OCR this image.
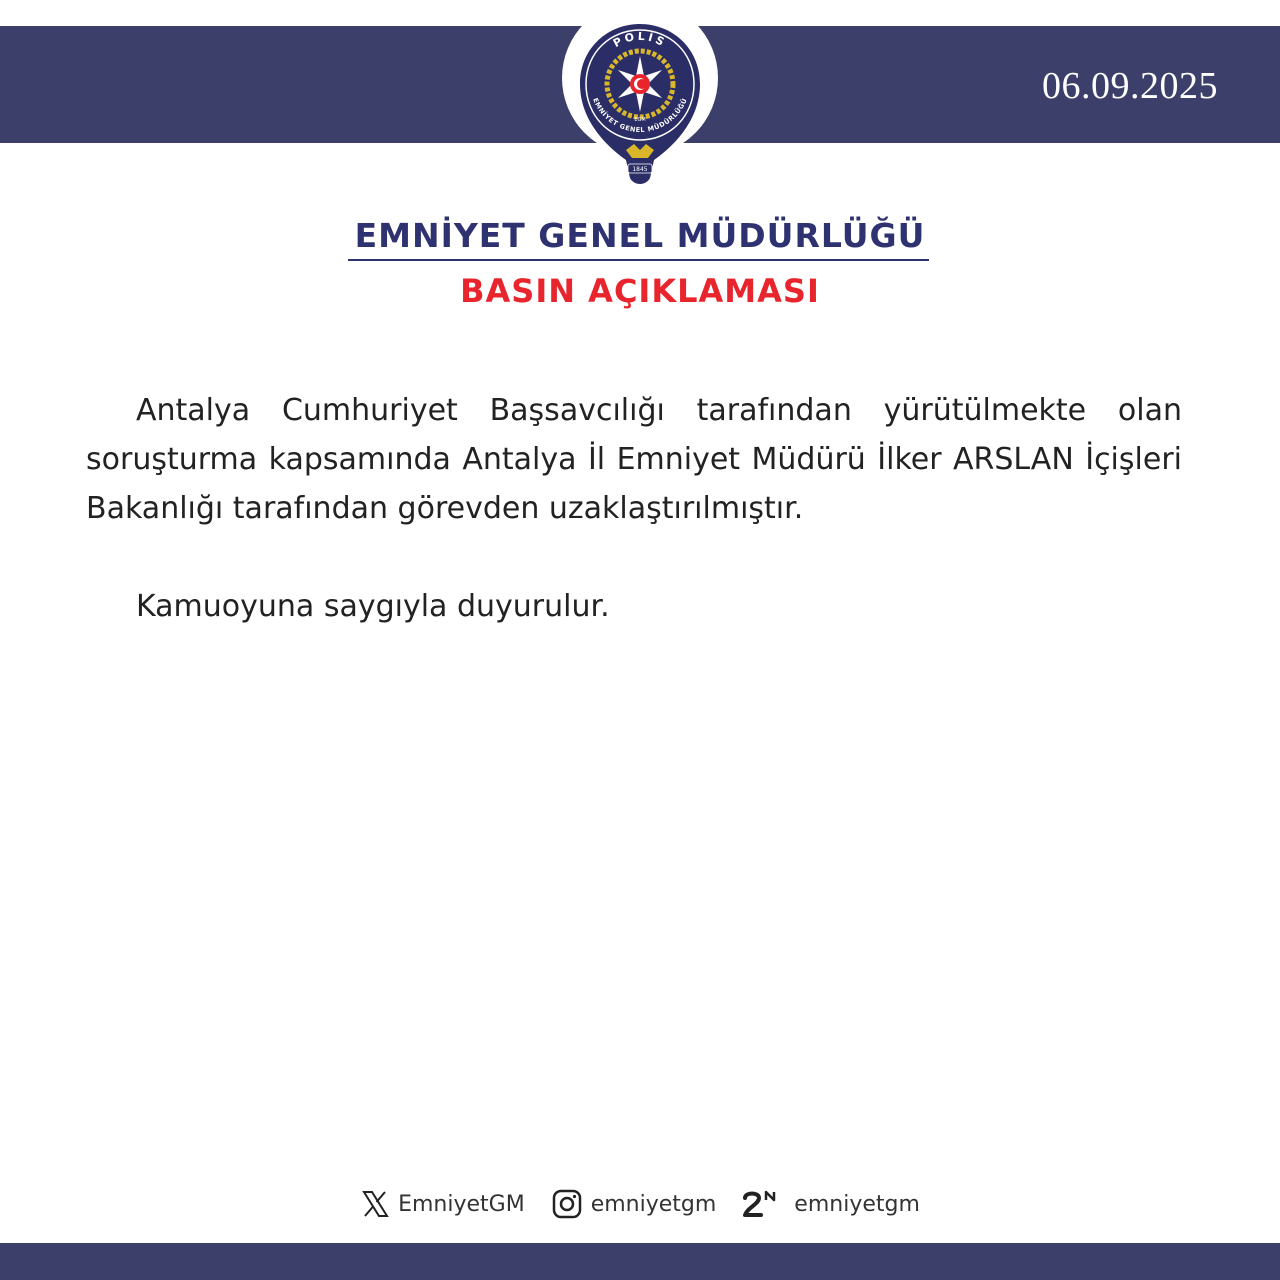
06.09.2025
POLİS
EMNİYET GENEL MÜDÜRLÜĞÜ
EGM
1845
EMNİYET GENEL MÜDÜRLÜĞÜ
BASIN AÇIKLAMASI

Antalya Cumhuriyet Başsavcılığı tarafından yürütülmekte olan soruşturma kapsamında Antalya İl Emniyet Müdürü İlker ARSLAN İçişleri Bakanlığı tarafından görevden uzaklaştırılmıştır.

Kamuoyuna saygıyla duyurulur.

EmniyetGM	emniyetgm	emniyetgm
